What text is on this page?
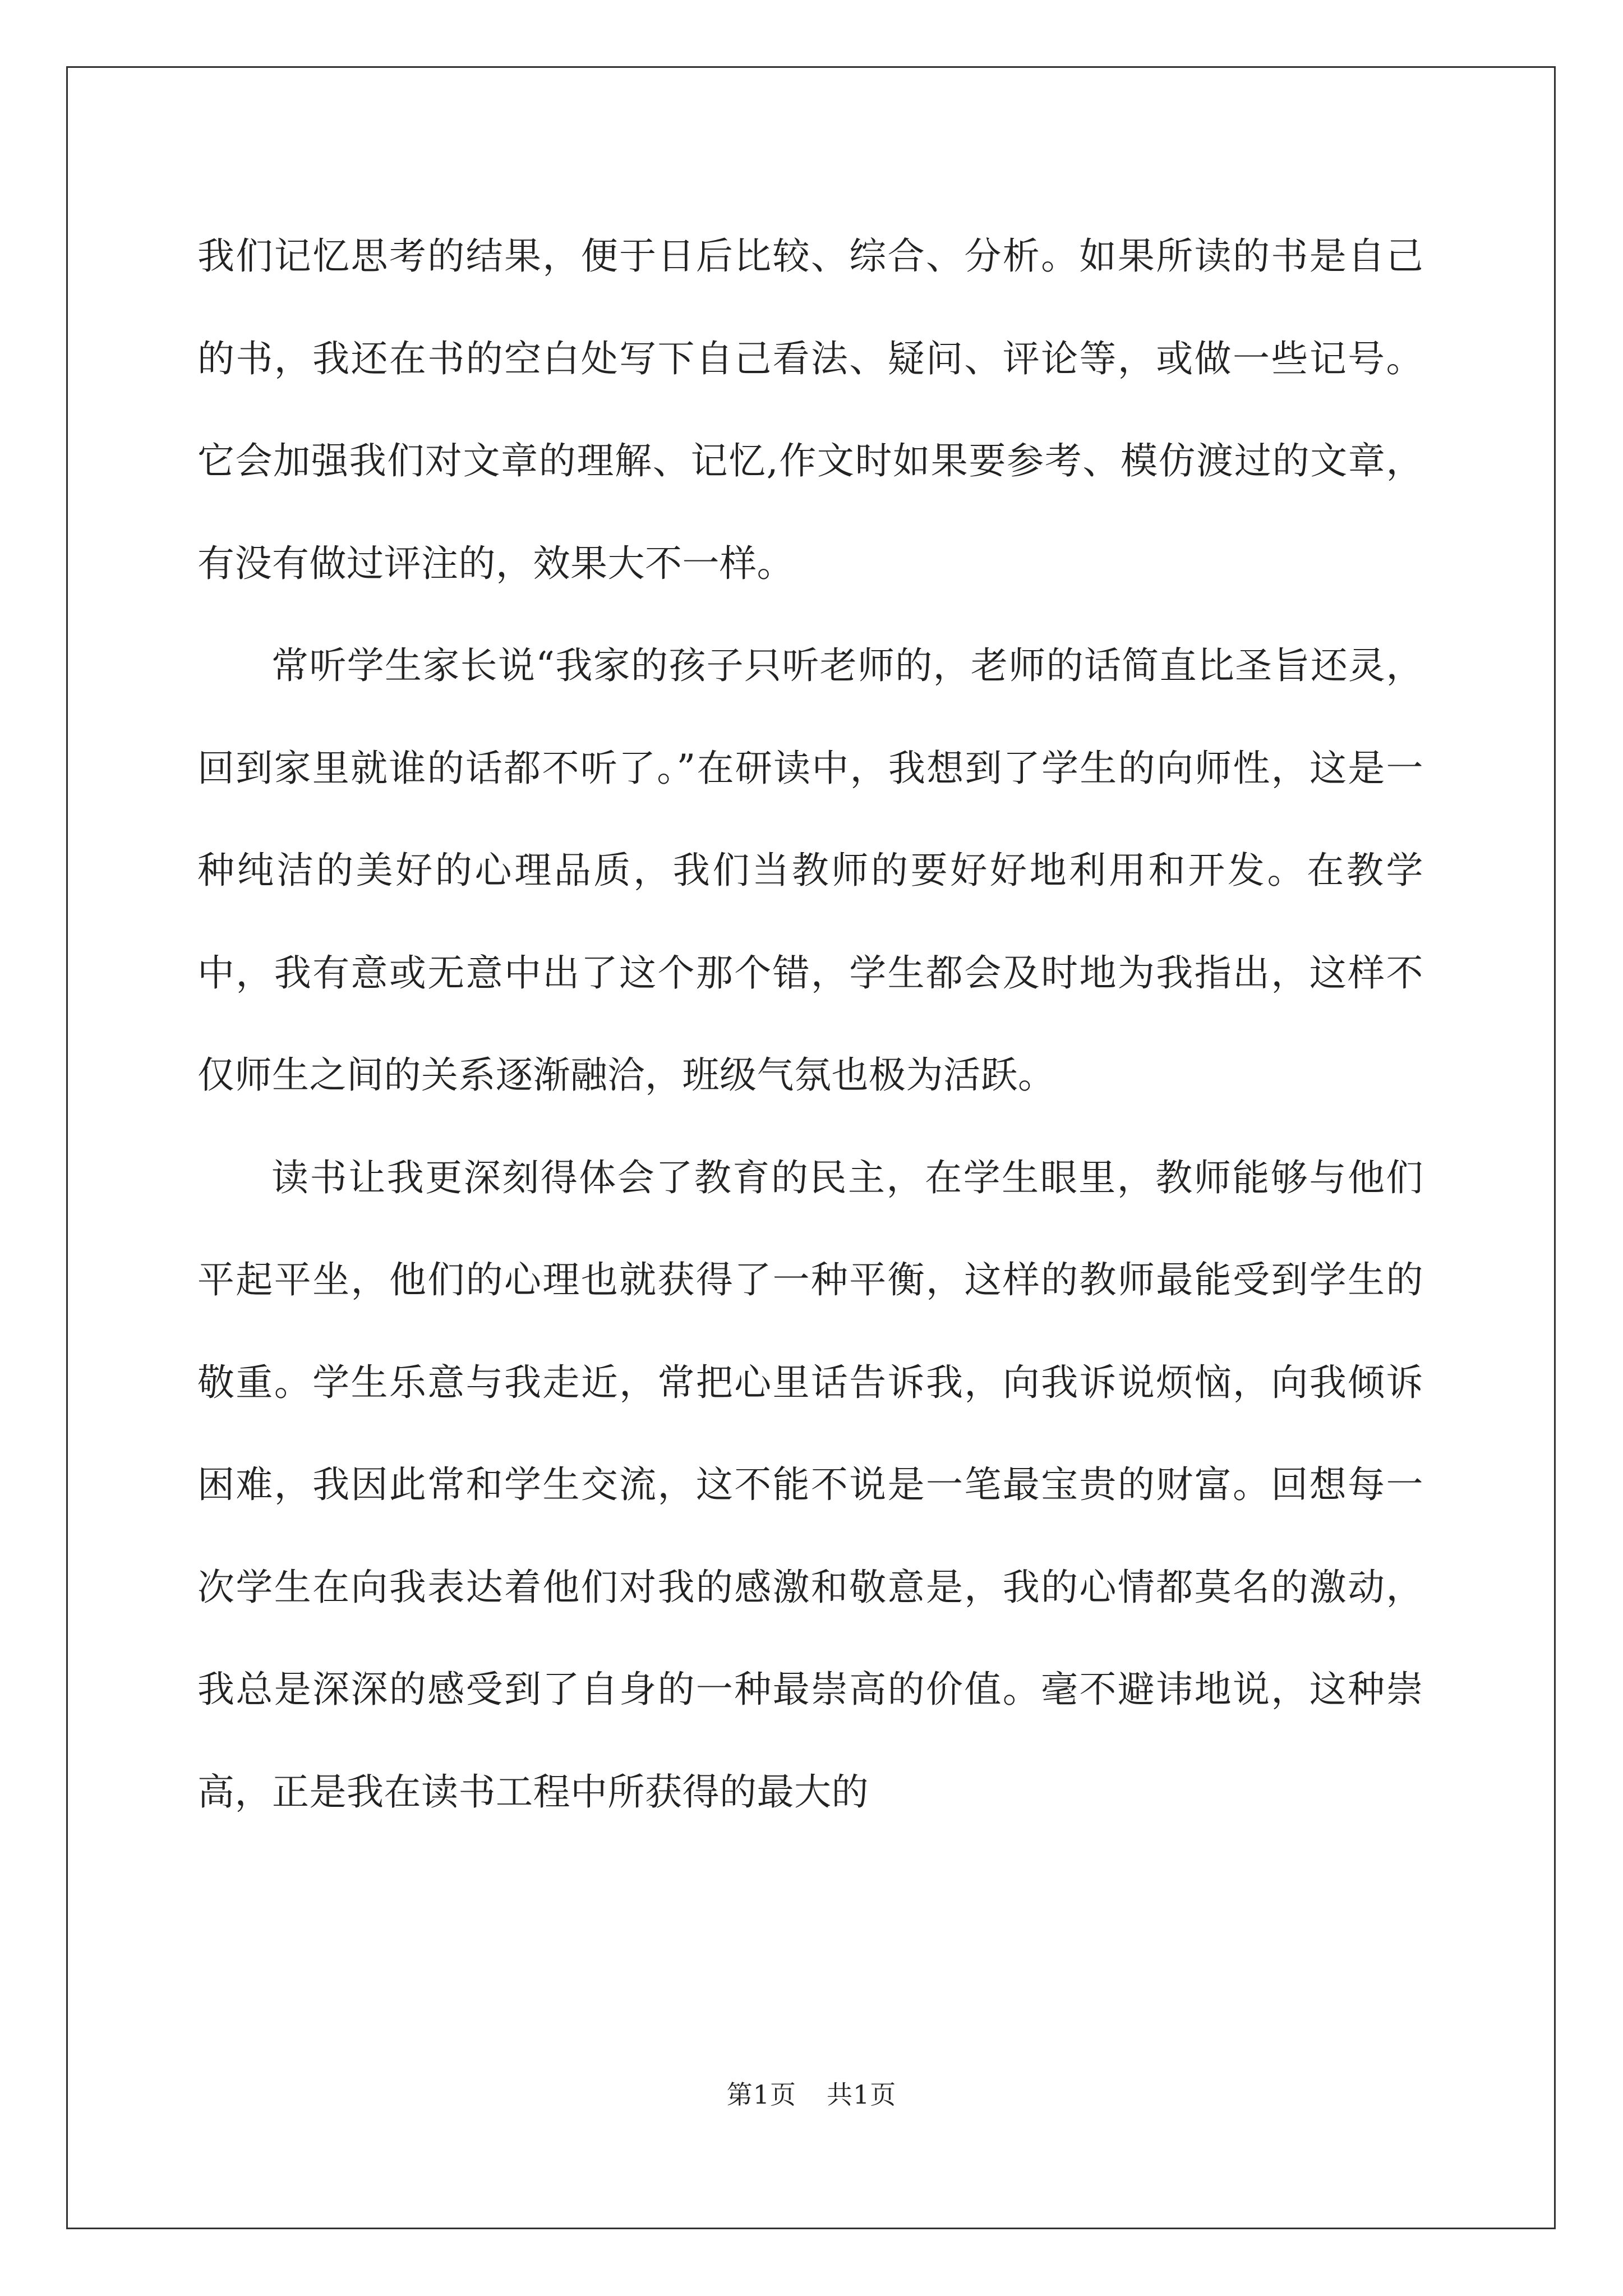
我们记忆思考的结果，便于日后比较、综合、分析。如果所读的书是自己的书，我还在书的空白处写下自己看法、疑问、评论等，或做一些记号。它会加强我们对文章的理解、记忆,作文时如果要参考、模仿渡过的文章，有没有做过评注的，效果大不一样。

常听学生家长说“我家的孩子只听老师的，老师的话简直比圣旨还灵，回到家里就谁的话都不听了。”在研读中，我想到了学生的向师性，这是一种纯洁的美好的心理品质，我们当教师的要好好地利用和开发。在教学中，我有意或无意中出了这个那个错，学生都会及时地为我指出，这样不仅师生之间的关系逐渐融洽，班级气氛也极为活跃。

读书让我更深刻得体会了教育的民主，在学生眼里，教师能够与他们平起平坐，他们的心理也就获得了一种平衡，这样的教师最能受到学生的敬重。学生乐意与我走近，常把心里话告诉我，向我诉说烦恼，向我倾诉困难，我因此常和学生交流，这不能不说是一笔最宝贵的财富。回想每一次学生在向我表达着他们对我的感激和敬意是，我的心情都莫名的激动，我总是深深的感受到了自身的一种最崇高的价值。毫不避讳地说，这种崇高，正是我在读书工程中所获得的最大的

第1页 共1页
